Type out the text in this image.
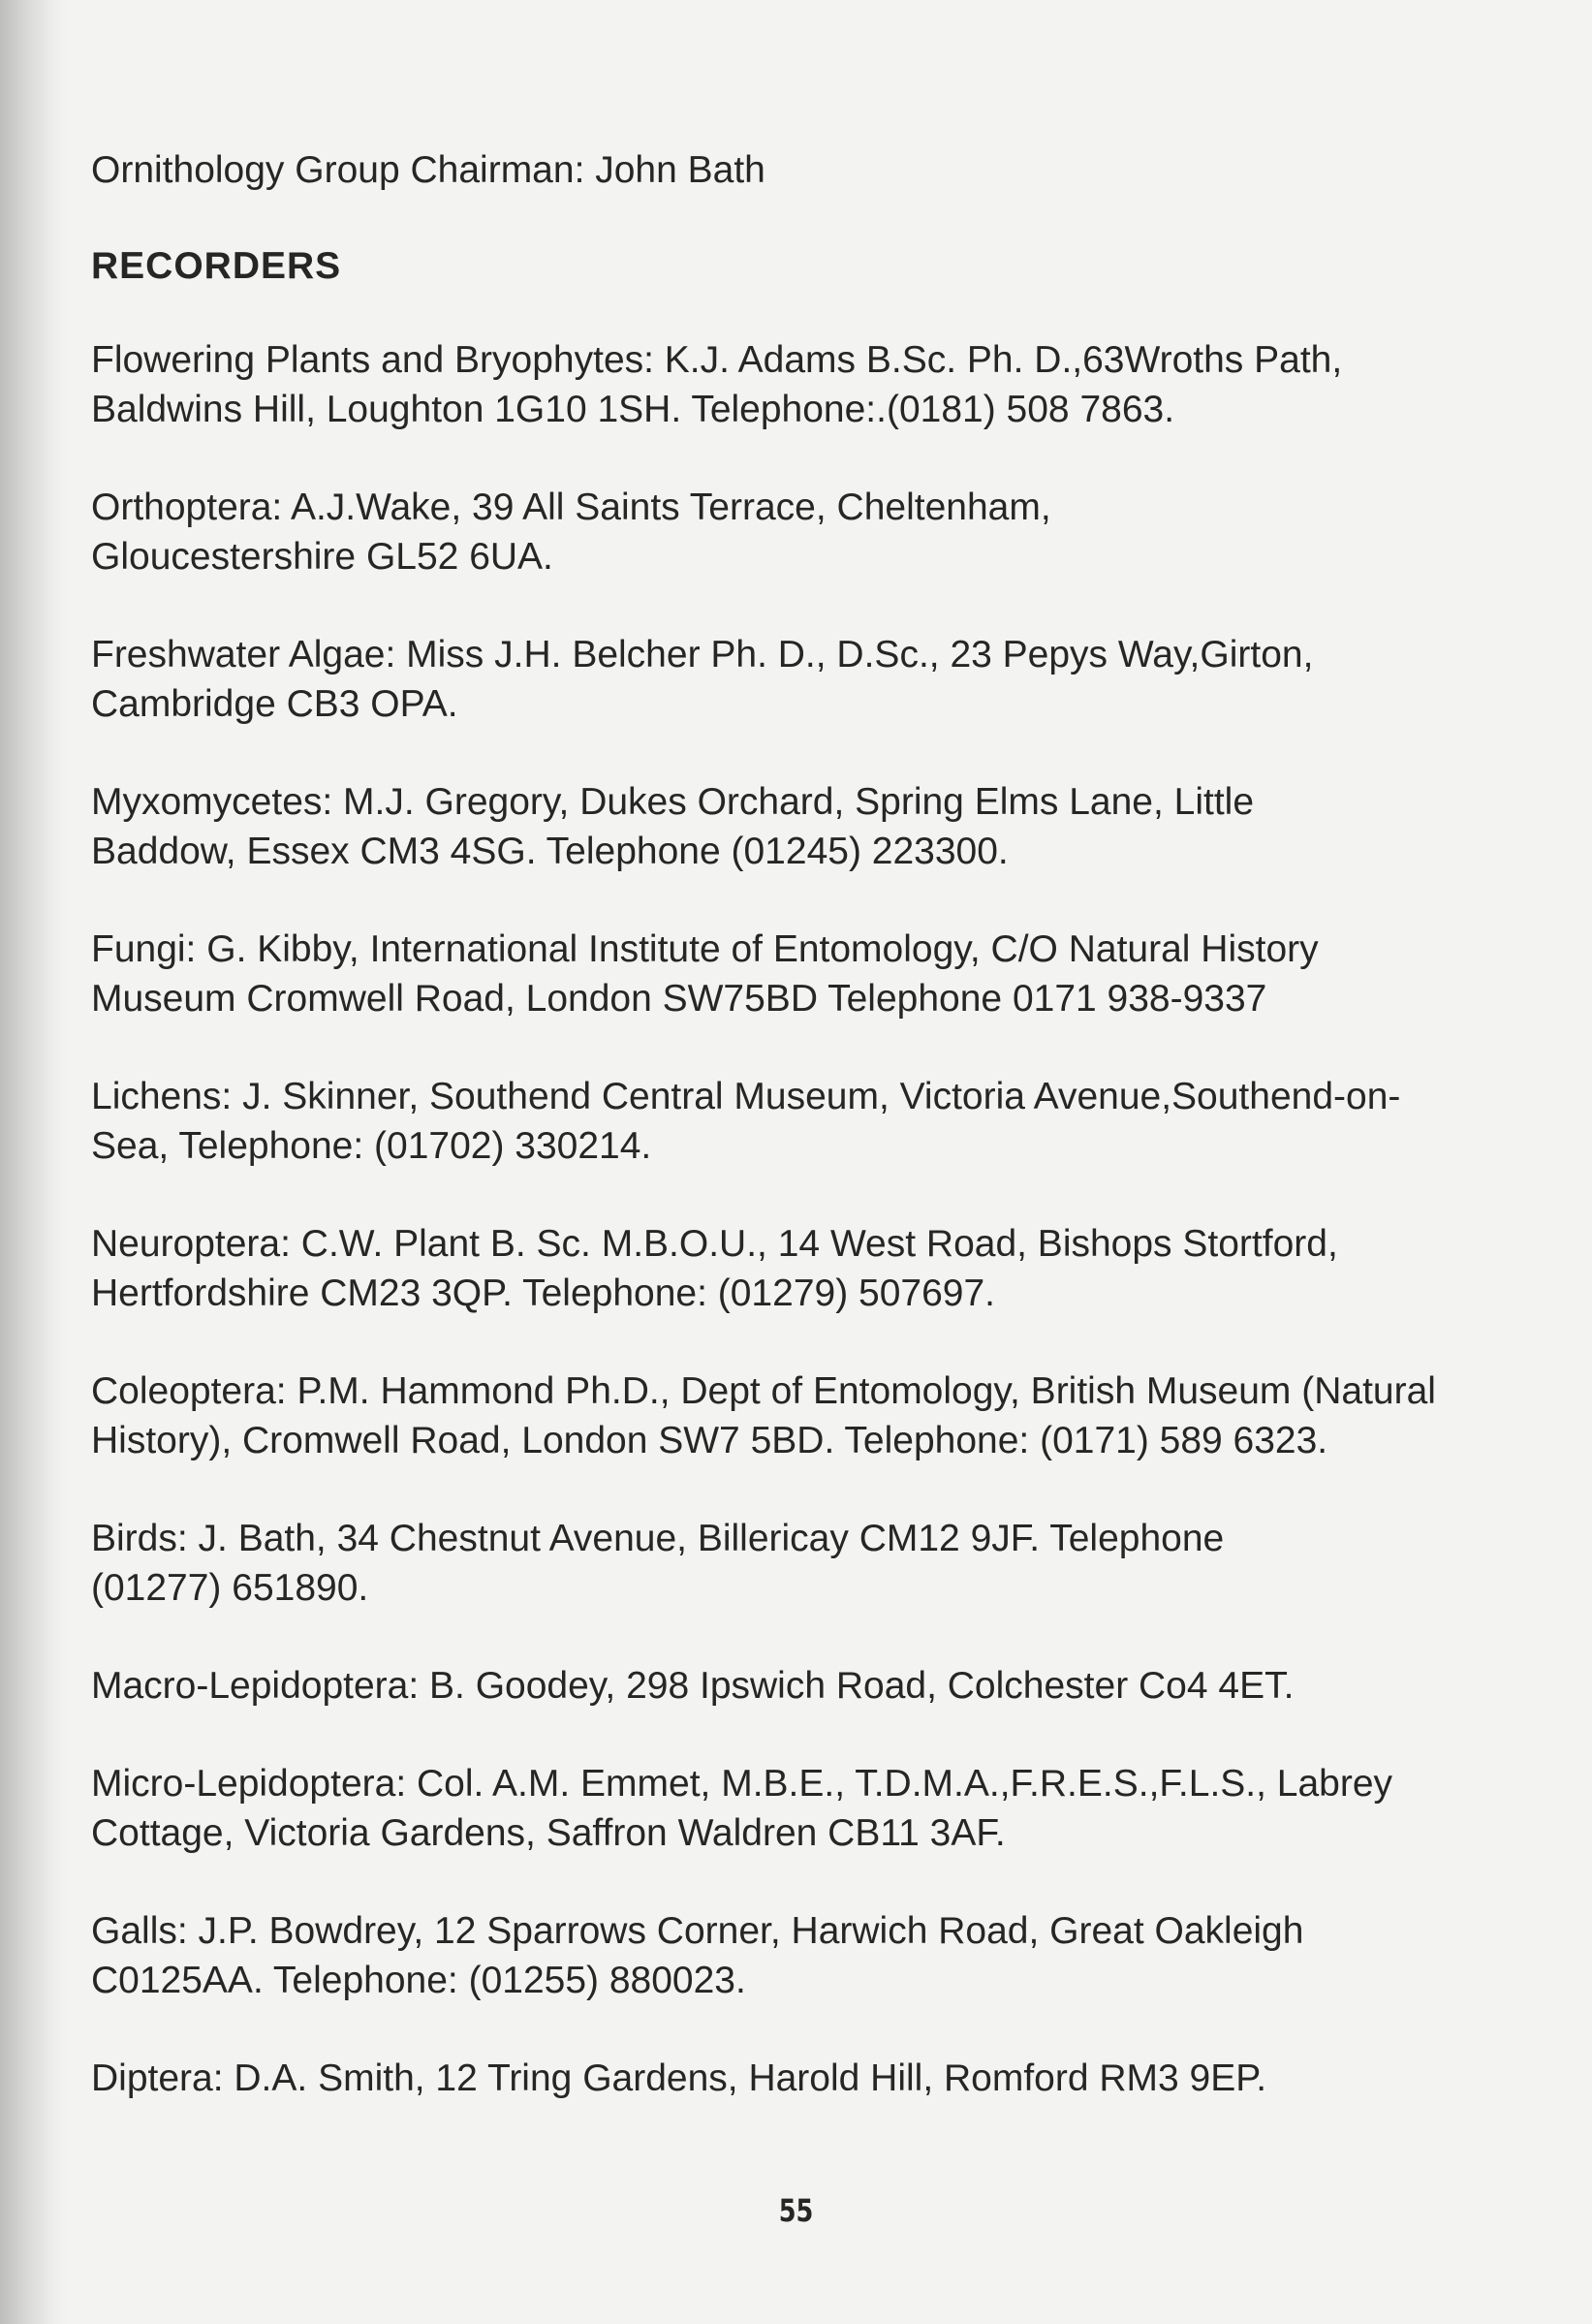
Ornithology Group Chairman: John Bath

RECORDERS

Flowering Plants and Bryophytes: K.J. Adams B.Sc. Ph. D.,63Wroths Path, Baldwins Hill, Loughton 1G10 1SH. Telephone:.(0181) 508 7863.

Orthoptera: A.J.Wake, 39 All Saints Terrace, Cheltenham, Gloucestershire GL52 6UA.

Freshwater Algae: Miss J.H. Belcher Ph. D., D.Sc., 23 Pepys Way,Girton, Cambridge CB3 OPA.

Myxomycetes: M.J. Gregory, Dukes Orchard, Spring Elms Lane, Little Baddow, Essex CM3 4SG. Telephone (01245) 223300.

Fungi: G. Kibby, International Institute of Entomology, C/O Natural History Museum Cromwell Road, London SW75BD Telephone 0171 938-9337

Lichens: J. Skinner, Southend Central Museum, Victoria Avenue,Southend-on-Sea, Telephone: (01702) 330214.

Neuroptera: C.W. Plant B. Sc. M.B.O.U., 14 West Road, Bishops Stortford, Hertfordshire CM23 3QP. Telephone: (01279) 507697.

Coleoptera: P.M. Hammond Ph.D., Dept of Entomology, British Museum (Natural History), Cromwell Road, London SW7 5BD. Telephone: (0171) 589 6323.

Birds: J. Bath, 34 Chestnut Avenue, Billericay CM12 9JF. Telephone (01277) 651890.

Macro-Lepidoptera: B. Goodey, 298 Ipswich Road, Colchester Co4 4ET.

Micro-Lepidoptera: Col. A.M. Emmet, M.B.E., T.D.M.A.,F.R.E.S.,F.L.S., Labrey Cottage, Victoria Gardens, Saffron Waldren CB11 3AF.

Galls: J.P. Bowdrey, 12 Sparrows Corner, Harwich Road, Great Oakleigh C0125AA. Telephone: (01255) 880023.

Diptera: D.A. Smith, 12 Tring Gardens, Harold Hill, Romford RM3 9EP.

55
